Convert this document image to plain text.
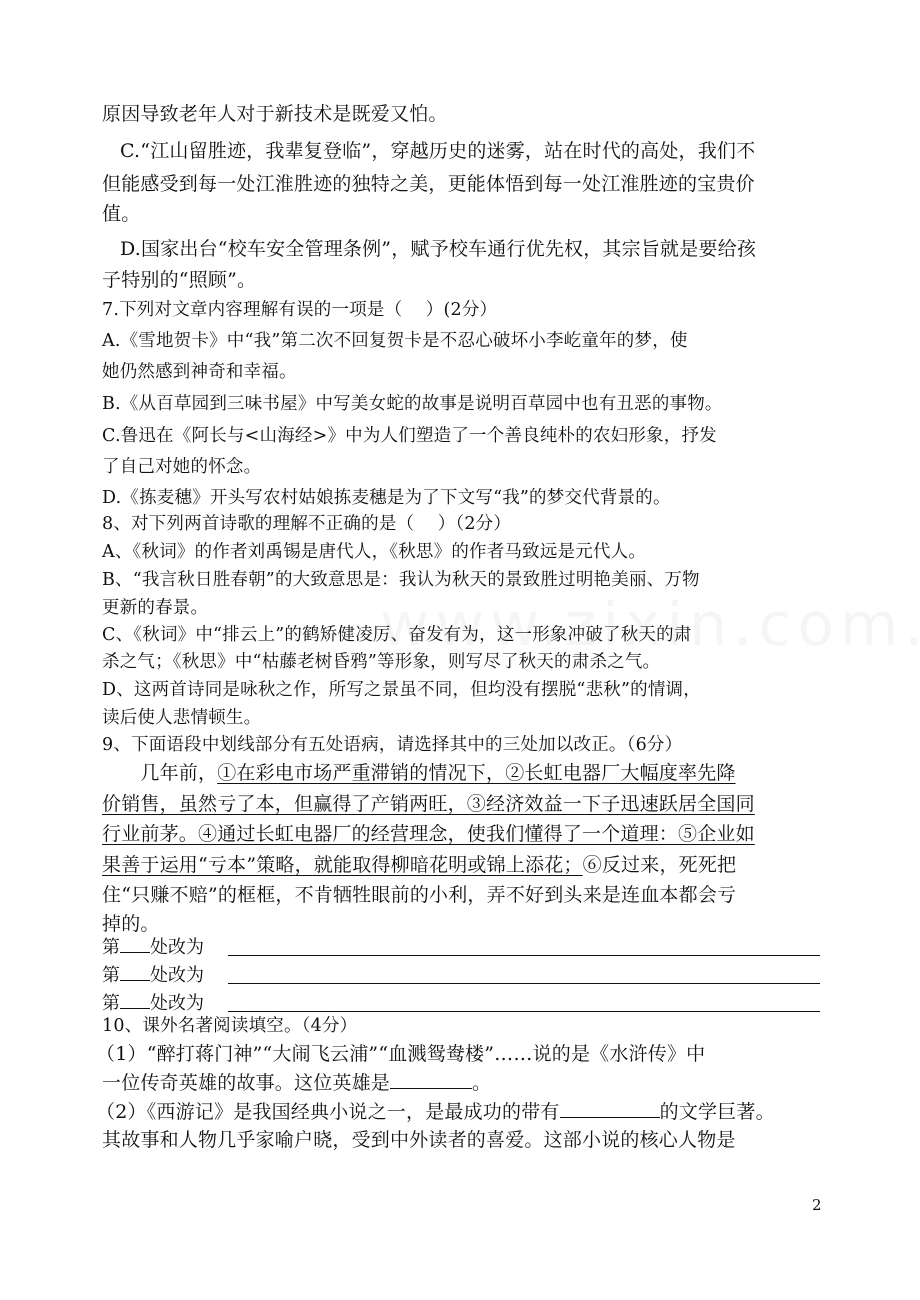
原因导致老年人对于新技术是既爱又怕。
C.“江山留胜迹，我辈复登临”，穿越历史的迷雾，站在时代的高处，我们不
但能感受到每一处江淮胜迹的独特之美，更能体悟到每一处江淮胜迹的宝贵价
值。
D.国家出台“校车安全管理条例”，赋予校车通行优先权，其宗旨就是要给孩
子特别的“照顾”。
7.下列对文章内容理解有误的一项是（　 ）(2分）
A.《雪地贺卡》中“我”第二次不回复贺卡是不忍心破坏小李屹童年的梦，使
她仍然感到神奇和幸福。
B.《从百草园到三味书屋》中写美女蛇的故事是说明百草园中也有丑恶的事物。
C.鲁迅在《阿长与<山海经>》中为人们塑造了一个善良纯朴的农妇形象，抒发
了自己对她的怀念。
D.《拣麦穗》开头写农村姑娘拣麦穗是为了下文写“我”的梦交代背景的。
8、对下列两首诗歌的理解不正确的是（　 ）（2分）
A、《秋词》的作者刘禹锡是唐代人，《秋思》的作者马致远是元代人。
B、“我言秋日胜春朝”的大致意思是：我认为秋天的景致胜过明艳美丽、万物
更新的春景。
C、《秋词》中“排云上”的鹤矫健凌厉、奋发有为，这一形象冲破了秋天的肃
杀之气；《秋思》中“枯藤老树昏鸦”等形象，则写尽了秋天的肃杀之气。
D、这两首诗同是咏秋之作，所写之景虽不同，但均没有摆脱“悲秋”的情调，
读后使人悲情顿生。
9、下面语段中划线部分有五处语病，请选择其中的三处加以改正。（6分）
　　几年前，①在彩电市场严重滞销的情况下，②长虹电器厂大幅度率先降
价销售，虽然亏了本，但赢得了产销两旺，③经济效益一下子迅速跃居全国同
行业前茅。④通过长虹电器厂的经营理念，使我们懂得了一个道理：⑤企业如
果善于运用“亏本”策略，就能取得柳暗花明或锦上添花；⑥反过来，死死把
住“只赚不赔”的框框，不肯牺牲眼前的小利，弄不好到头来是连血本都会亏
掉的。
第 处改为
第 处改为
第 处改为
10、课外名著阅读填空。（4分）
（1）“醉打蒋门神”“大闹飞云浦”“血溅鸳鸯楼”……说的是《水浒传》中
一位传奇英雄的故事。这位英雄是	。
（2）《西游记》是我国经典小说之一，是最成功的带有	的文学巨著。
其故事和人物几乎家喻户晓，受到中外读者的喜爱。这部小说的核心人物是
2
